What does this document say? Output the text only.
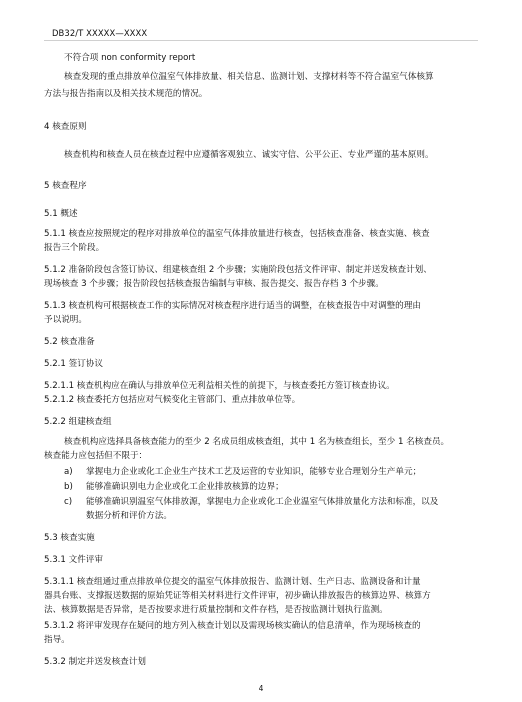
DB32/T XXXXX—XXXX
不符合项 non conformity report
核查发现的重点排放单位温室气体排放量、相关信息、监测计划、支撑材料等不符合温室气体核算
方法与报告指南以及相关技术规范的情况。
4 核查原则
核查机构和核查人员在核查过程中应遵循客观独立、诚实守信、公平公正、专业严谨的基本原则。
5 核查程序
5.1 概述
5.1.1 核查应按照规定的程序对排放单位的温室气体排放量进行核查，包括核查准备、核查实施、核查
报告三个阶段。
5.1.2 准备阶段包含签订协议、组建核查组 2 个步骤；实施阶段包括文件评审、制定并送发核查计划、
现场核查 3 个步骤；报告阶段包括核查报告编制与审核、报告提交、报告存档 3 个步骤。
5.1.3 核查机构可根据核查工作的实际情况对核查程序进行适当的调整，在核查报告中对调整的理由
予以说明。
5.2 核查准备
5.2.1 签订协议
5.2.1.1 核查机构应在确认与排放单位无利益相关性的前提下，与核查委托方签订核查协议。
5.2.1.2 核查委托方包括应对气候变化主管部门、重点排放单位等。
5.2.2 组建核查组
核查机构应选择具备核查能力的至少 2 名成员组成核查组，其中 1 名为核查组长，至少 1 名核查员。
核查能力应包括但不限于：
a) 掌握电力企业或化工企业生产技术工艺及运营的专业知识，能够专业合理划分生产单元；
b) 能够准确识别电力企业或化工企业排放核算的边界；
c) 能够准确识别温室气体排放源，掌握电力企业或化工企业温室气体排放量化方法和标准，以及
数据分析和评价方法。
5.3 核查实施
5.3.1 文件评审
5.3.1.1 核查组通过重点排放单位提交的温室气体排放报告、监测计划、生产日志、监测设备和计量
器具台账、支撑报送数据的原始凭证等相关材料进行文件评审，初步确认排放报告的核算边界、核算方
法、核算数据是否异常，是否按要求进行质量控制和文件存档，是否按监测计划执行监测。
5.3.1.2 将评审发现存在疑问的地方列入核查计划以及需现场核实确认的信息清单，作为现场核查的
指导。
5.3.2 制定并送发核查计划
4
